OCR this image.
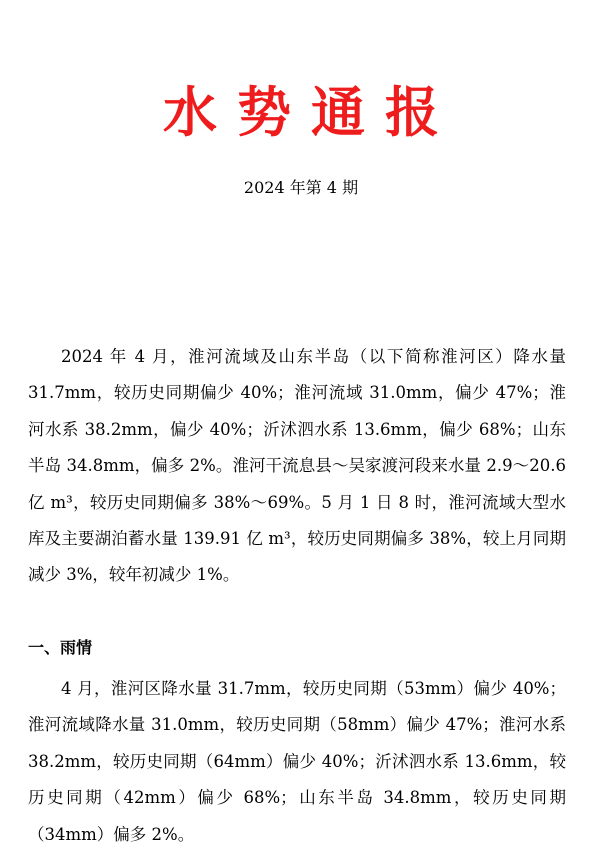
水势通报
2024 年第 4 期

2024 年 4 月，淮河流域及山东半岛（以下简称淮河区）降水量 31.7mm，较历史同期偏少 40%；淮河流域 31.0mm，偏少 47%；淮河水系 38.2mm，偏少 40%；沂沭泗水系 13.6mm，偏少 68%；山东半岛 34.8mm，偏多 2%。淮河干流息县～吴家渡河段来水量 2.9～20.6 亿 m³，较历史同期偏多 38%～69%。5 月 1 日 8 时，淮河流域大型水库及主要湖泊蓄水量 139.91 亿 m³，较历史同期偏多 38%，较上月同期减少 3%，较年初减少 1%。

一、雨情

4 月，淮河区降水量 31.7mm，较历史同期（53mm）偏少 40%；淮河流域降水量 31.0mm，较历史同期（58mm）偏少 47%；淮河水系 38.2mm，较历史同期（64mm）偏少 40%；沂沭泗水系 13.6mm，较历史同期（42mm）偏少 68%；山东半岛 34.8mm，较历史同期（34mm）偏多 2%。
